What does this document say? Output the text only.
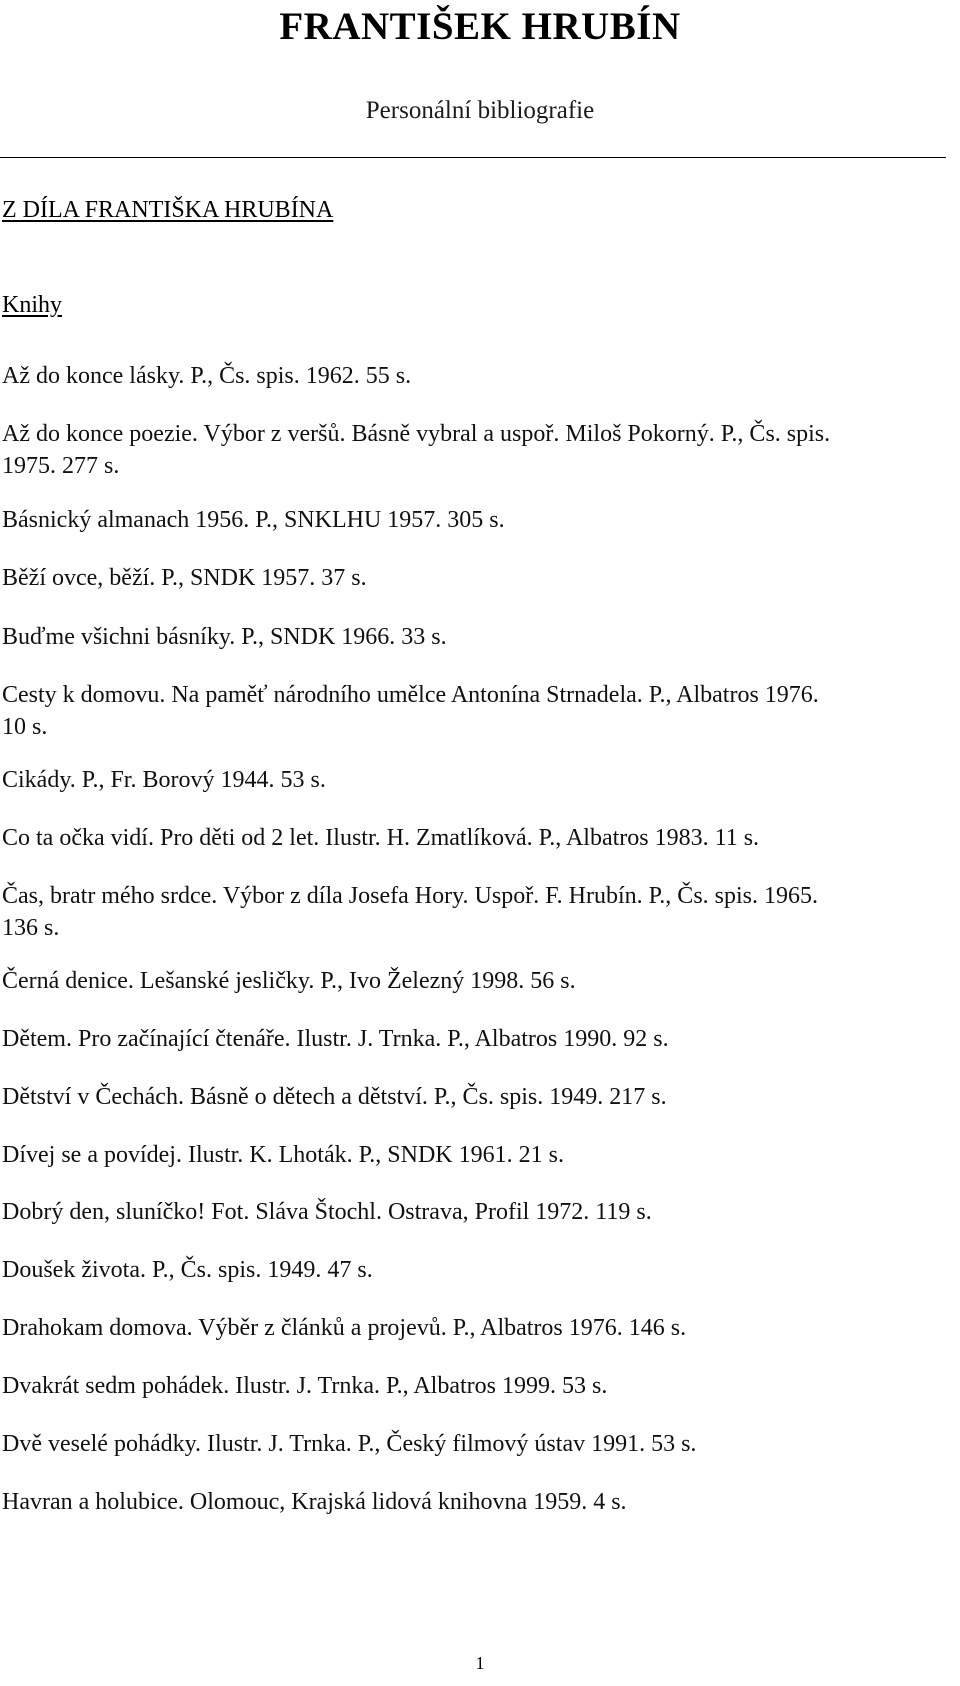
FRANTIŠEK HRUBÍN
Personální bibliografie
Z DÍLA FRANTIŠKA HRUBÍNA
Knihy
Až do konce lásky. P., Čs. spis. 1962. 55 s.
Až do konce poezie. Výbor z veršů. Básně vybral a uspoř. Miloš Pokorný. P., Čs. spis.
1975. 277 s.
Básnický almanach 1956. P., SNKLHU 1957. 305 s.
Běží ovce, běží. P., SNDK 1957. 37 s.
Buďme všichni básníky. P., SNDK 1966. 33 s.
Cesty k domovu. Na paměť národního umělce Antonína Strnadela. P., Albatros 1976.
10 s.
Cikády. P., Fr. Borový 1944. 53 s.
Co ta očka vidí. Pro děti od 2 let. Ilustr. H. Zmatlíková. P., Albatros 1983. 11 s.
Čas, bratr mého srdce. Výbor z díla Josefa Hory. Uspoř. F. Hrubín. P., Čs. spis. 1965.
136 s.
Černá denice. Lešanské jesličky. P., Ivo Železný 1998. 56 s.
Dětem. Pro začínající čtenáře. Ilustr. J. Trnka. P., Albatros 1990. 92 s.
Dětství v Čechách. Básně o dětech a dětství. P., Čs. spis. 1949. 217 s.
Dívej se a povídej. Ilustr. K. Lhoták. P., SNDK 1961. 21 s.
Dobrý den, sluníčko! Fot. Sláva Štochl. Ostrava, Profil 1972. 119 s.
Doušek života. P., Čs. spis. 1949. 47 s.
Drahokam domova. Výběr z článků a projevů. P., Albatros 1976. 146 s.
Dvakrát sedm pohádek. Ilustr. J. Trnka. P., Albatros 1999. 53 s.
Dvě veselé pohádky. Ilustr. J. Trnka. P., Český filmový ústav 1991. 53 s.
Havran a holubice. Olomouc, Krajská lidová knihovna 1959. 4 s.
1
